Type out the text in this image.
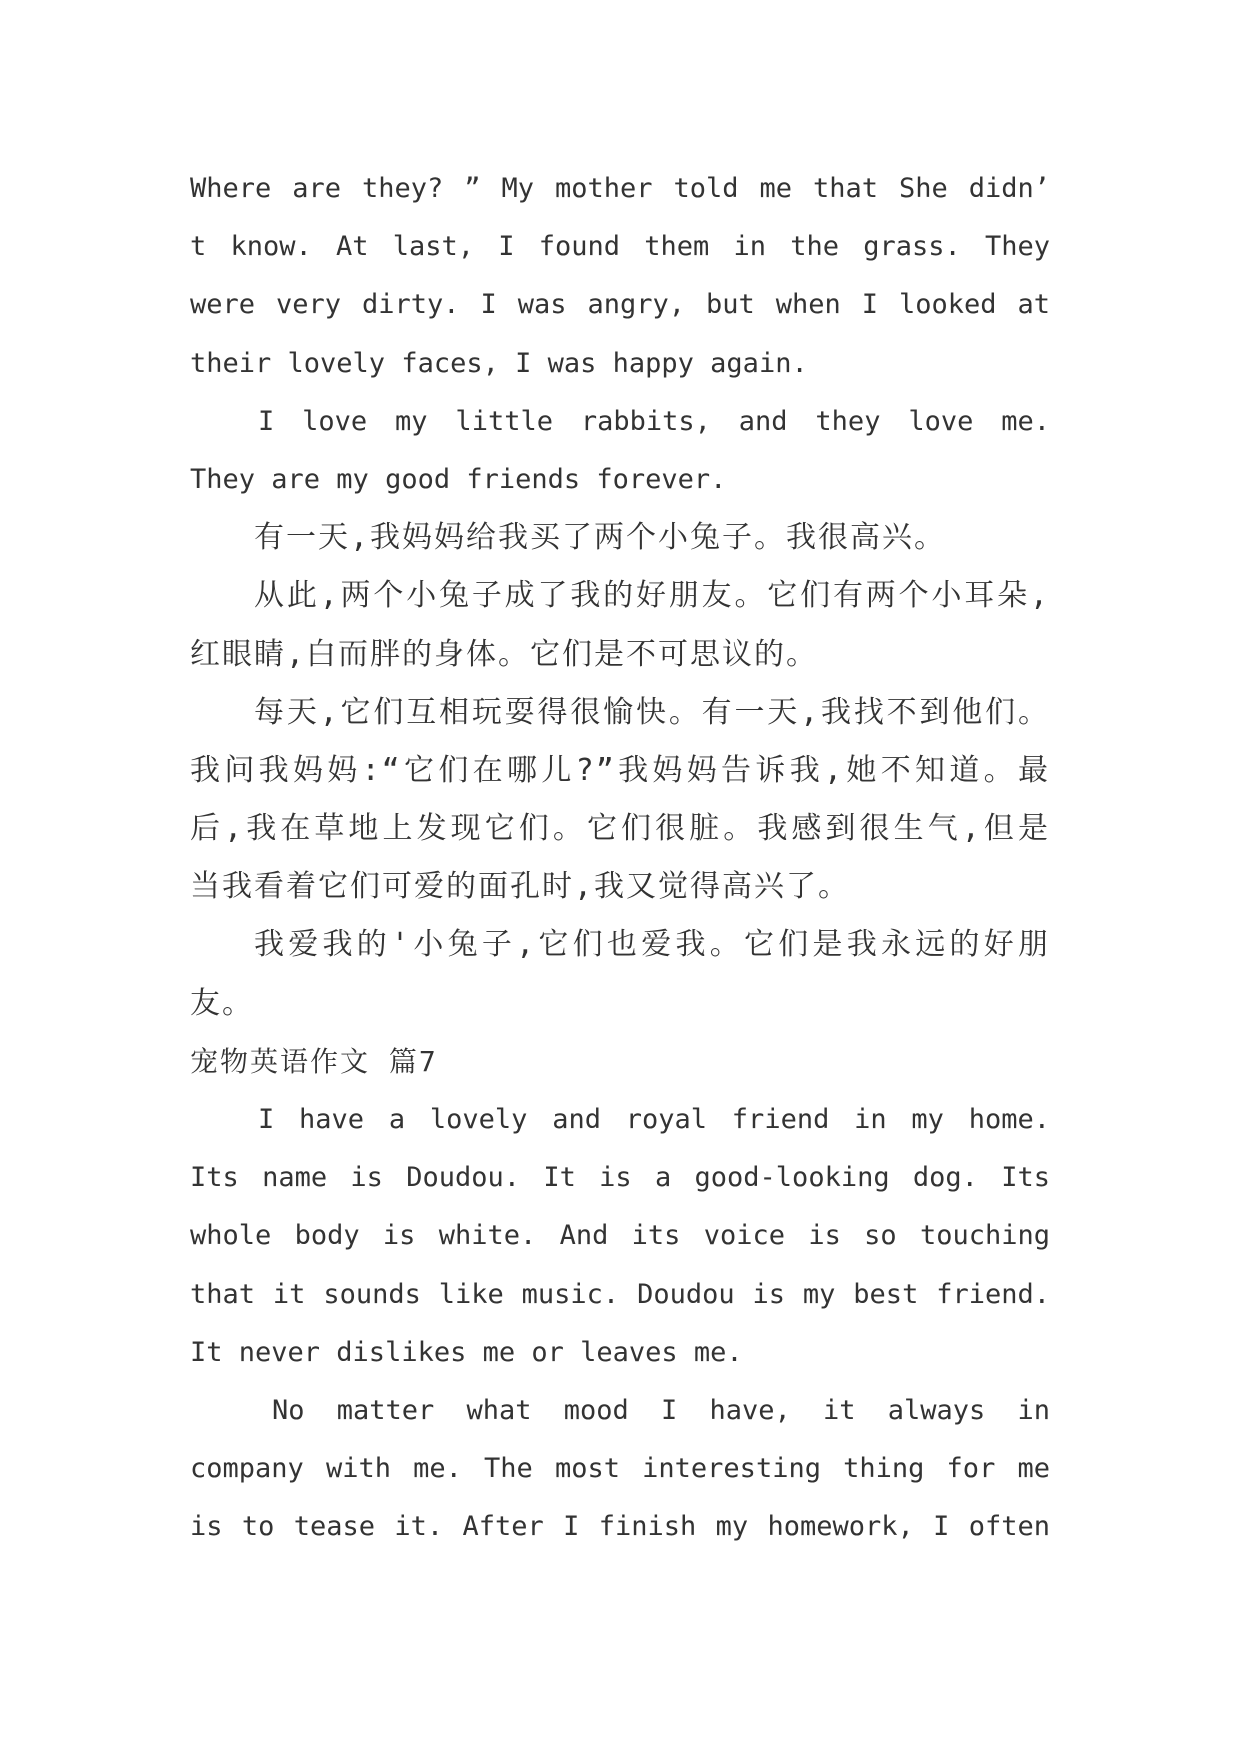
Where are they? ” My mother told me that She didn’
t know. At last, I found them in the grass. They
were very dirty. I was angry, but when I looked at
their lovely faces, I was happy again.
I love my little rabbits, and they love me.
They are my good friends forever.
有一天,我妈妈给我买了两个小兔子。我很高兴。
从此,两个小兔子成了我的好朋友。它们有两个小耳朵,
红眼睛,白而胖的身体。它们是不可思议的。
每天,它们互相玩耍得很愉快。有一天,我找不到他们。
我问我妈妈:“它们在哪儿?”我妈妈告诉我,她不知道。最
后,我在草地上发现它们。它们很脏。我感到很生气,但是
当我看着它们可爱的面孔时,我又觉得高兴了。
我爱我的'小兔子,它们也爱我。它们是我永远的好朋
友。
宠物英语作文 篇7
I have a lovely and royal friend in my home.
Its name is Doudou. It is a good-looking dog. Its
whole body is white. And its voice is so touching
that it sounds like music. Doudou is my best friend.
It never dislikes me or leaves me.
No matter what mood I have, it always in
company with me. The most interesting thing for me
is to tease it. After I finish my homework, I often
